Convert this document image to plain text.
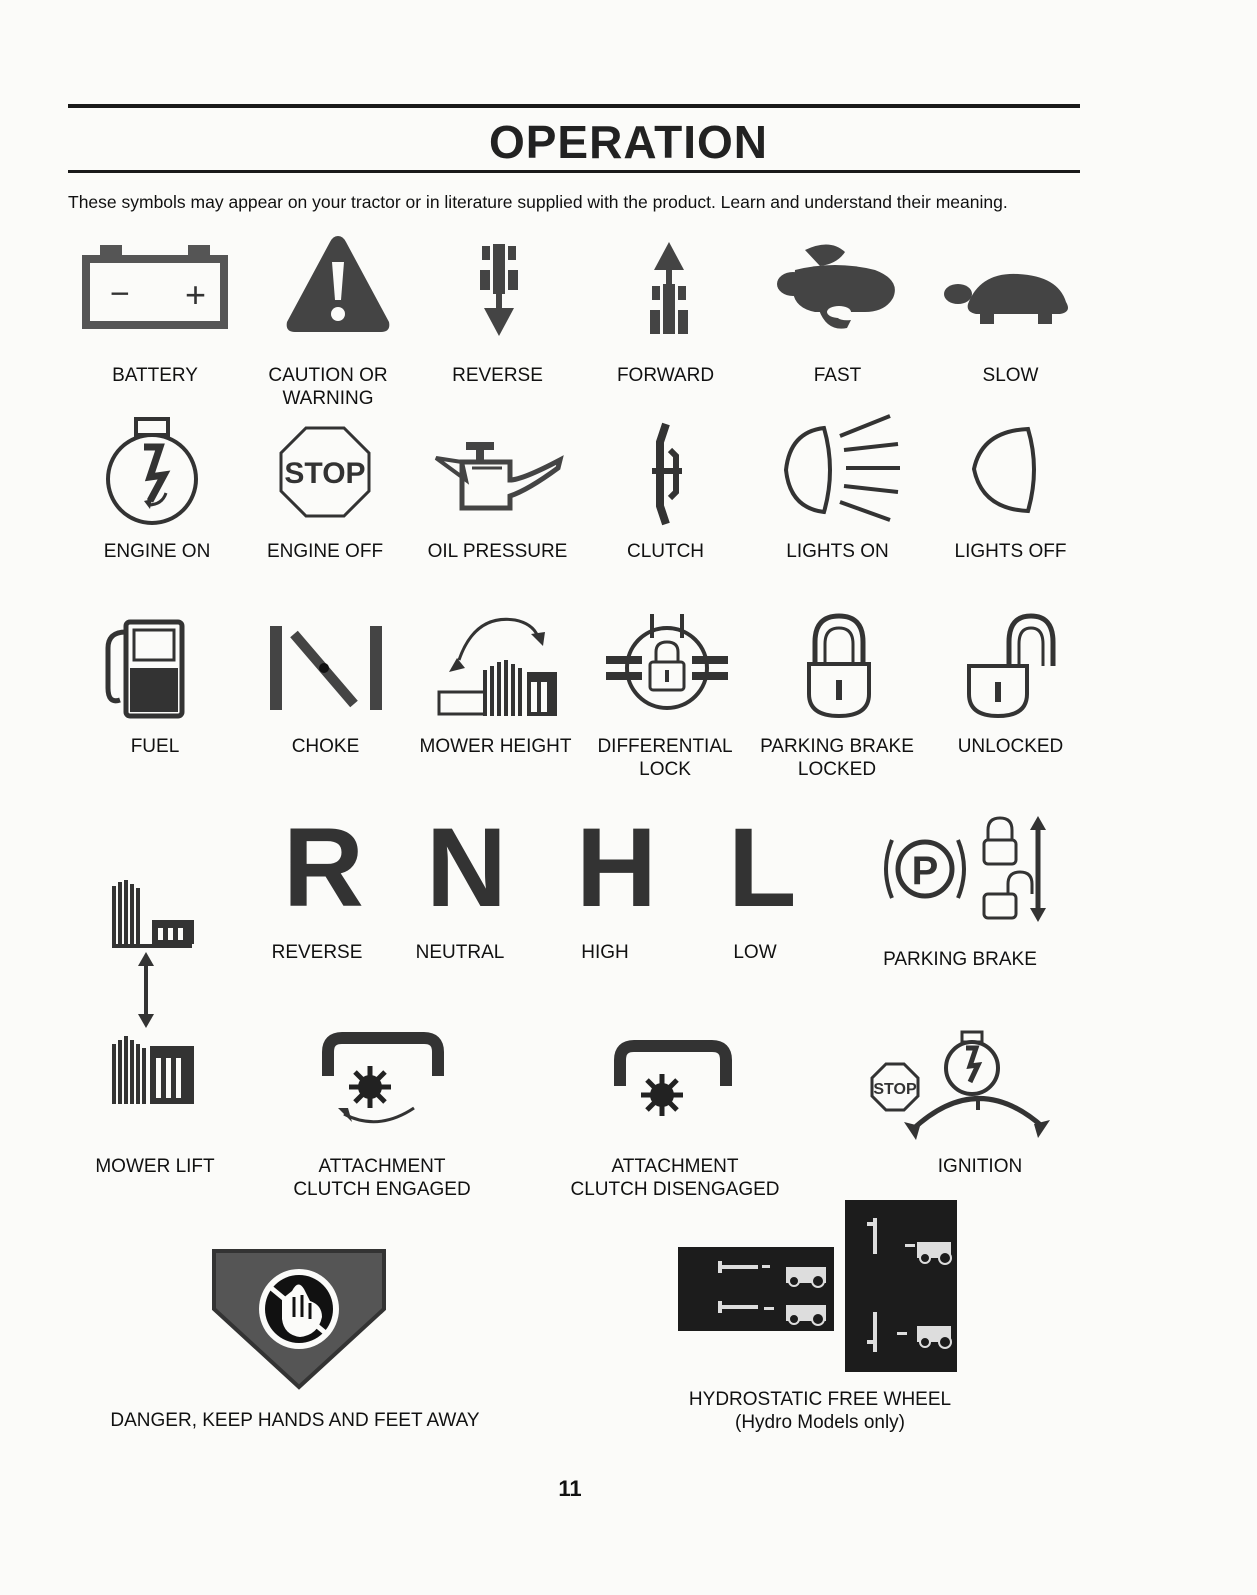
OPERATION
These symbols may appear on your tractor or in literature supplied with the product. Learn and understand their meaning.
− +
BATTERY	CAUTION OR
WARNING
REVERSE	FORWARD	FAST	SLOW
STOP
ENGINE ON	ENGINE OFF	OIL PRESSURE	CLUTCH	LIGHTS ON	LIGHTS OFF
FUEL	CHOKE	MOWER HEIGHT	DIFFERENTIAL
LOCK
PARKING BRAKE
LOCKED
UNLOCKED
R N H L	P
REVERSE	NEUTRAL	HIGH	LOW	PARKING BRAKE
STOP
MOWER LIFT	ATTACHMENT
CLUTCH ENGAGED
ATTACHMENT
CLUTCH DISENGAGED
IGNITION
DANGER, KEEP HANDS AND FEET AWAY
HYDROSTATIC FREE WHEEL
(Hydro Models only)
11
